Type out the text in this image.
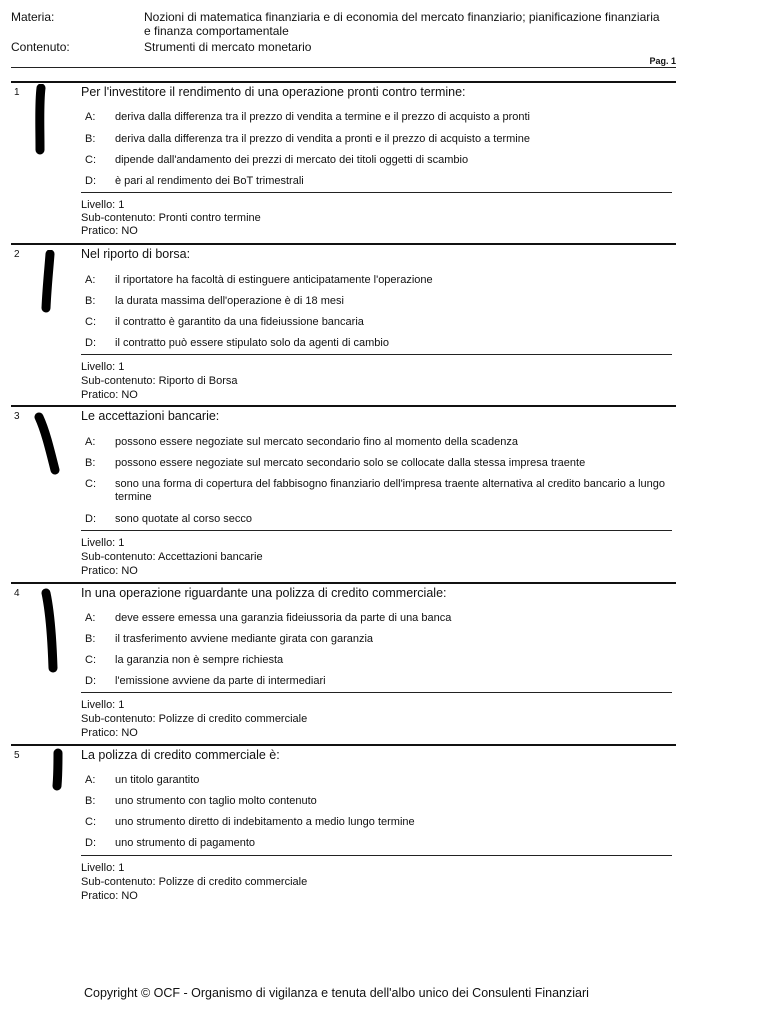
Materia:	Nozioni di matematica finanziaria e di economia del mercato finanziario; pianificazione finanziaria e finanza comportamentale
Contenuto:	Strumenti di mercato monetario
Pag. 1
1	Per l'investitore il rendimento di una operazione pronti contro termine:
A: deriva dalla differenza tra il prezzo di vendita a termine e il prezzo di acquisto a pronti
B: deriva dalla differenza tra il prezzo di vendita a pronti e il prezzo di acquisto a termine
C: dipende dall'andamento dei prezzi di mercato dei titoli oggetti di scambio
D: è pari al rendimento dei BoT trimestrali
Livello: 1
Sub-contenuto: Pronti contro termine
Pratico: NO
2	Nel riporto di borsa:
A: il riportatore ha facoltà di estinguere anticipatamente l'operazione
B: la durata massima dell'operazione è di 18 mesi
C: il contratto è garantito da una fideiussione bancaria
D: il contratto può essere stipulato solo da agenti di cambio
Livello: 1
Sub-contenuto: Riporto di Borsa
Pratico: NO
3	Le accettazioni bancarie:
A: possono essere negoziate sul mercato secondario fino al momento della scadenza
B: possono essere negoziate sul mercato secondario solo se collocate dalla stessa impresa traente
C: sono una forma di copertura del fabbisogno finanziario dell'impresa traente alternativa al credito bancario a lungo termine
D: sono quotate al corso secco
Livello: 1
Sub-contenuto: Accettazioni bancarie
Pratico: NO
4	In una operazione riguardante una polizza di credito commerciale:
A: deve essere emessa una garanzia fideiussoria da parte di una banca
B: il trasferimento avviene mediante girata con garanzia
C: la garanzia non è sempre richiesta
D: l'emissione avviene da parte di intermediari
Livello: 1
Sub-contenuto: Polizze di credito commerciale
Pratico: NO
5	La polizza di credito commerciale è:
A: un titolo garantito
B: uno strumento con taglio molto contenuto
C: uno strumento diretto di indebitamento a medio lungo termine
D: uno strumento di pagamento
Livello: 1
Sub-contenuto: Polizze di credito commerciale
Pratico: NO
Copyright © OCF - Organismo di vigilanza e tenuta dell'albo unico dei Consulenti Finanziari
